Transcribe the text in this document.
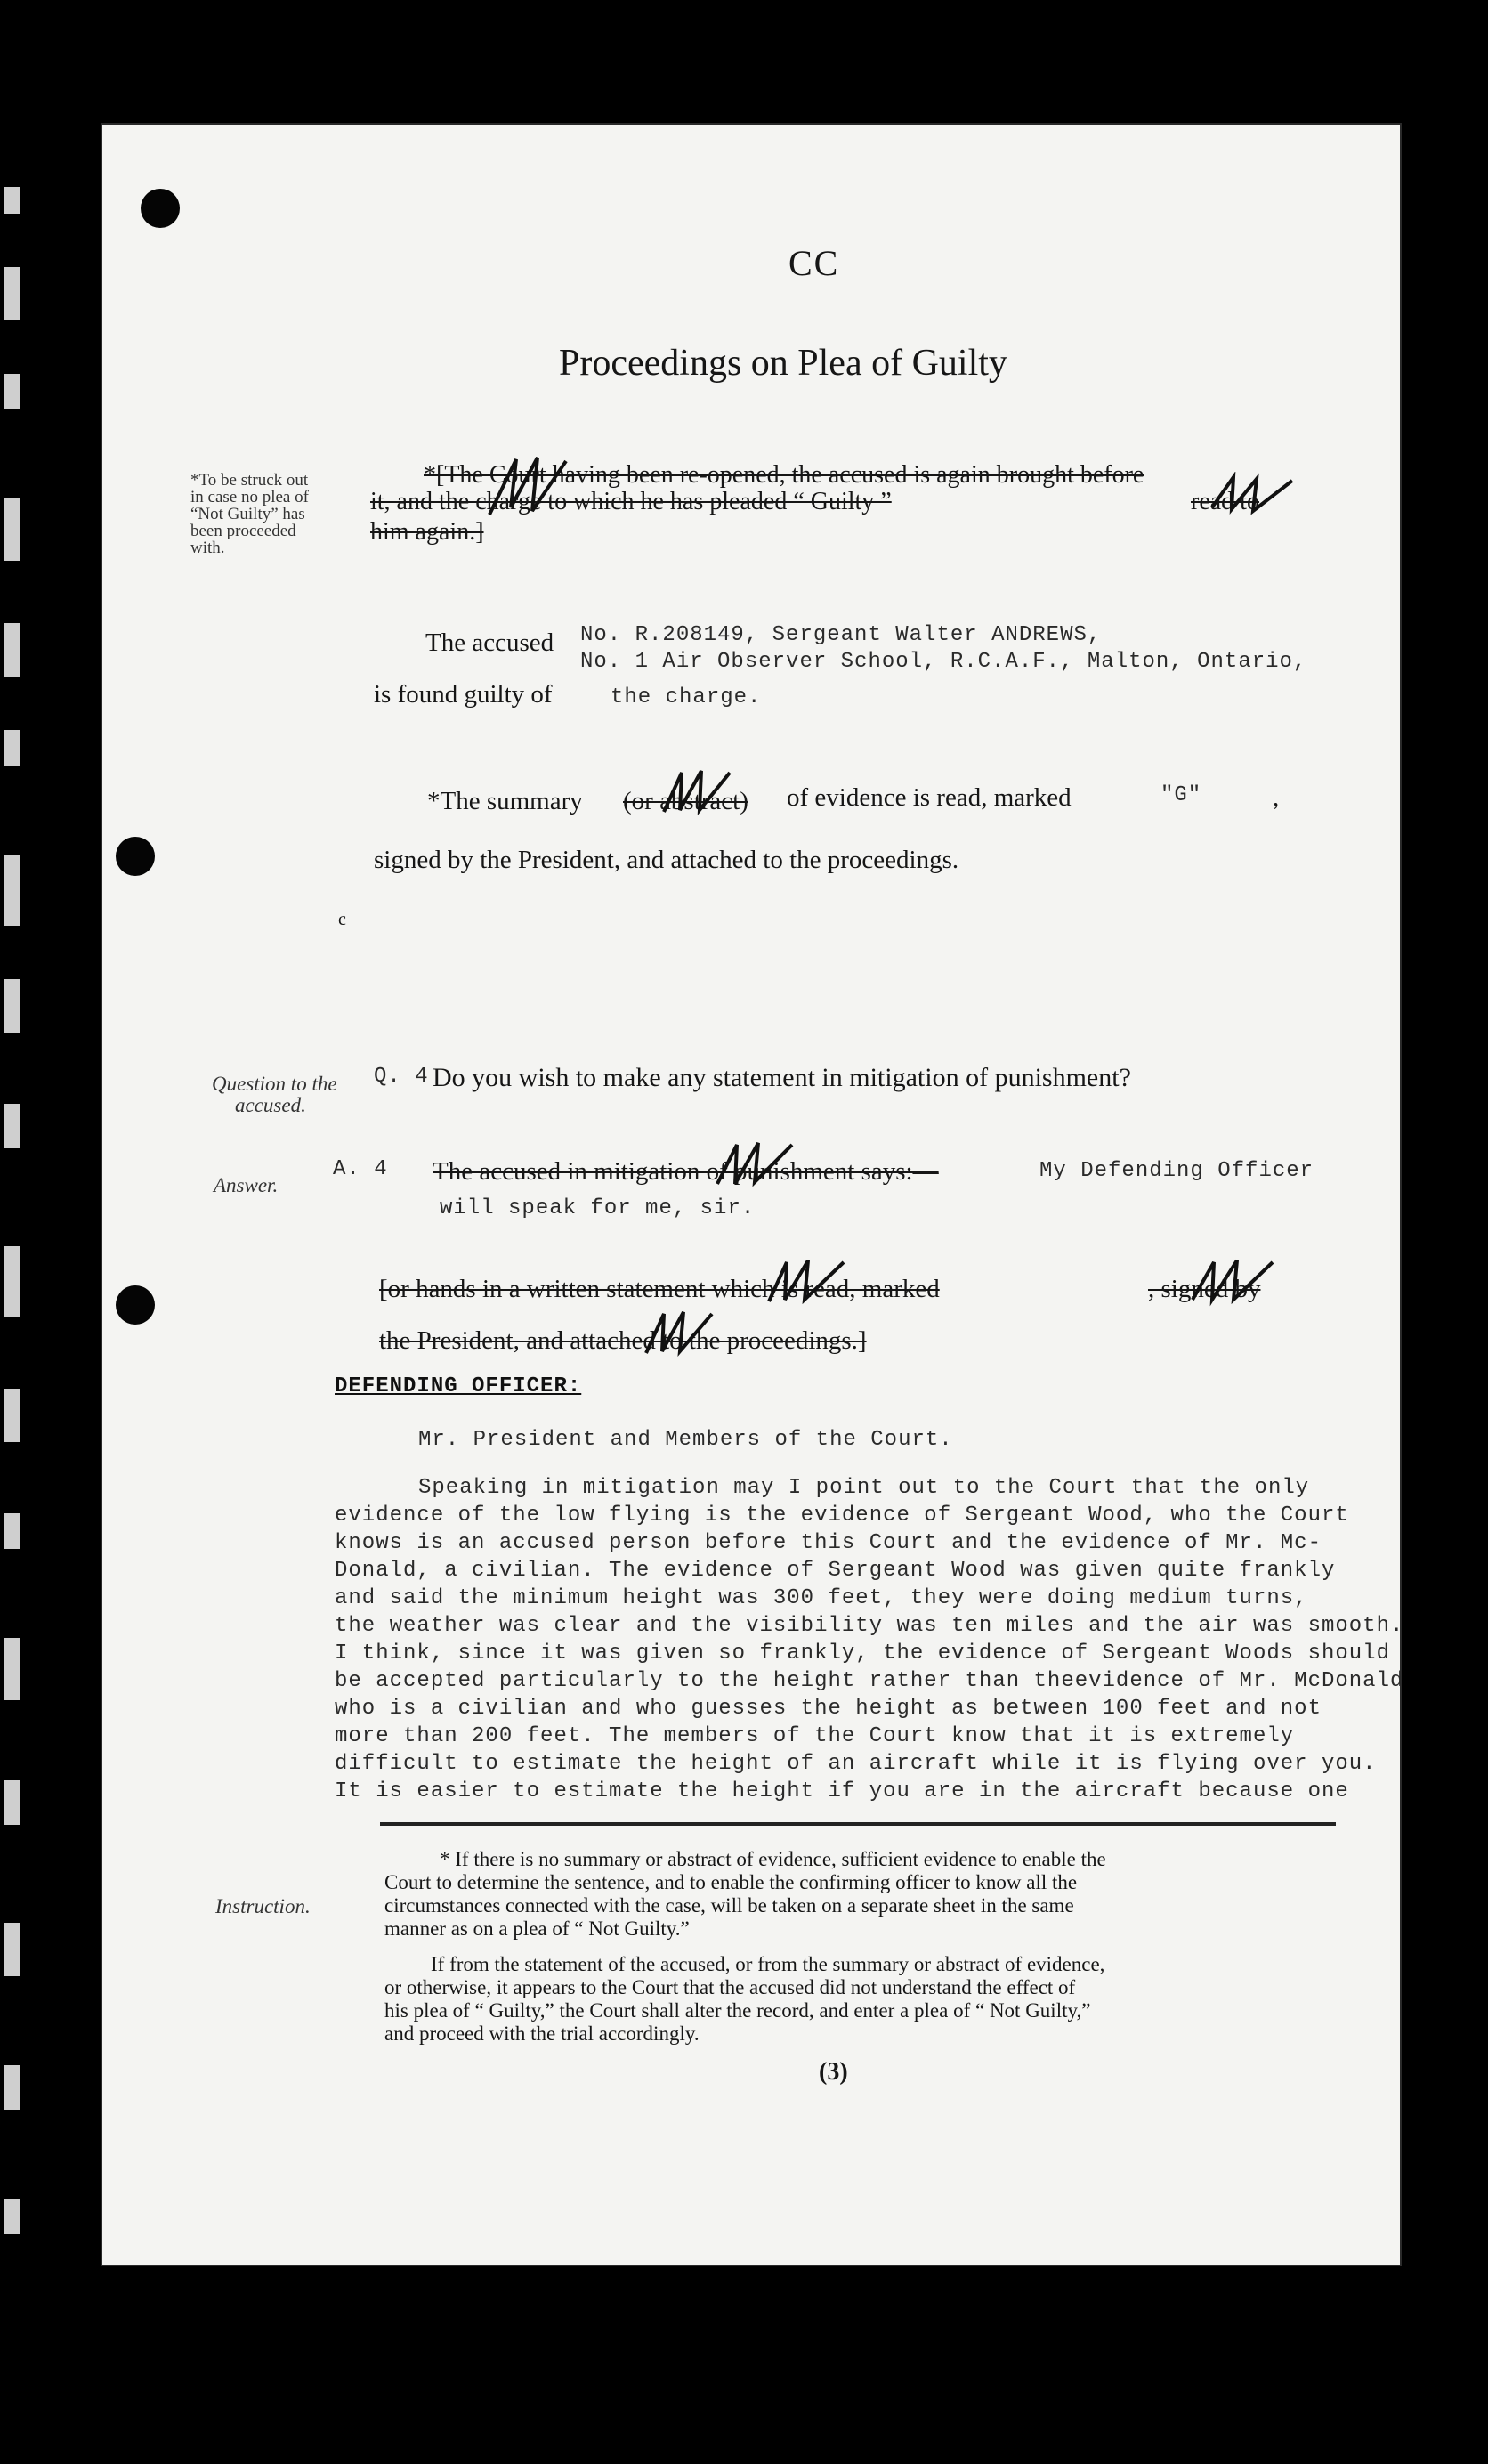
CC
Proceedings on Plea of Guilty
*To be struck out
in case no plea of
“Not Guilty” has
been proceeded
with.
*[The Court having been re-opened, the accused is again brought before
it, and the charge to which he has pleaded “ Guilty ”	read to
him again.]
The accused No. R.208149, Sergeant Walter ANDREWS,
No. 1 Air Observer School, R.C.A.F., Malton, Ontario,
is found guilty of	the charge.
*The summary (or abstract) of evidence is read, marked	"G"	,
signed by the President, and attached to the proceedings.
c
Question to the
accused.
Q. 4 Do you wish to make any statement in mitigation of punishment?
Answer.
A. 4 The accused in mitigation of punishment says:—	My Defending Officer
will speak for me, sir.
[or hands in a written statement which is read, marked	, signed by
the President, and attached to the proceedings.]
DEFENDING OFFICER:
Mr. President and Members of the Court.
Speaking in mitigation may I point out to the Court that the only
evidence of the low flying is the evidence of Sergeant Wood, who the Court
knows is an accused person before this Court and the evidence of Mr. Mc-
Donald, a civilian. The evidence of Sergeant Wood was given quite frankly
and said the minimum height was 300 feet, they were doing medium turns,
the weather was clear and the visibility was ten miles and the air was smooth.
I think, since it was given so frankly, the evidence of Sergeant Woods should
be accepted particularly to the height rather than theevidence of Mr. McDonald
who is a civilian and who guesses the height as between 100 feet and not
more than 200 feet. The members of the Court know that it is extremely
difficult to estimate the height of an aircraft while it is flying over you.
It is easier to estimate the height if you are in the aircraft because one
Instruction.
* If there is no summary or abstract of evidence, sufficient evidence to enable the
Court to determine the sentence, and to enable the confirming officer to know all the
circumstances connected with the case, will be taken on a separate sheet in the same
manner as on a plea of “ Not Guilty.”
If from the statement of the accused, or from the summary or abstract of evidence,
or otherwise, it appears to the Court that the accused did not understand the effect of
his plea of “ Guilty,” the Court shall alter the record, and enter a plea of “ Not Guilty,”
and proceed with the trial accordingly.
(3)
